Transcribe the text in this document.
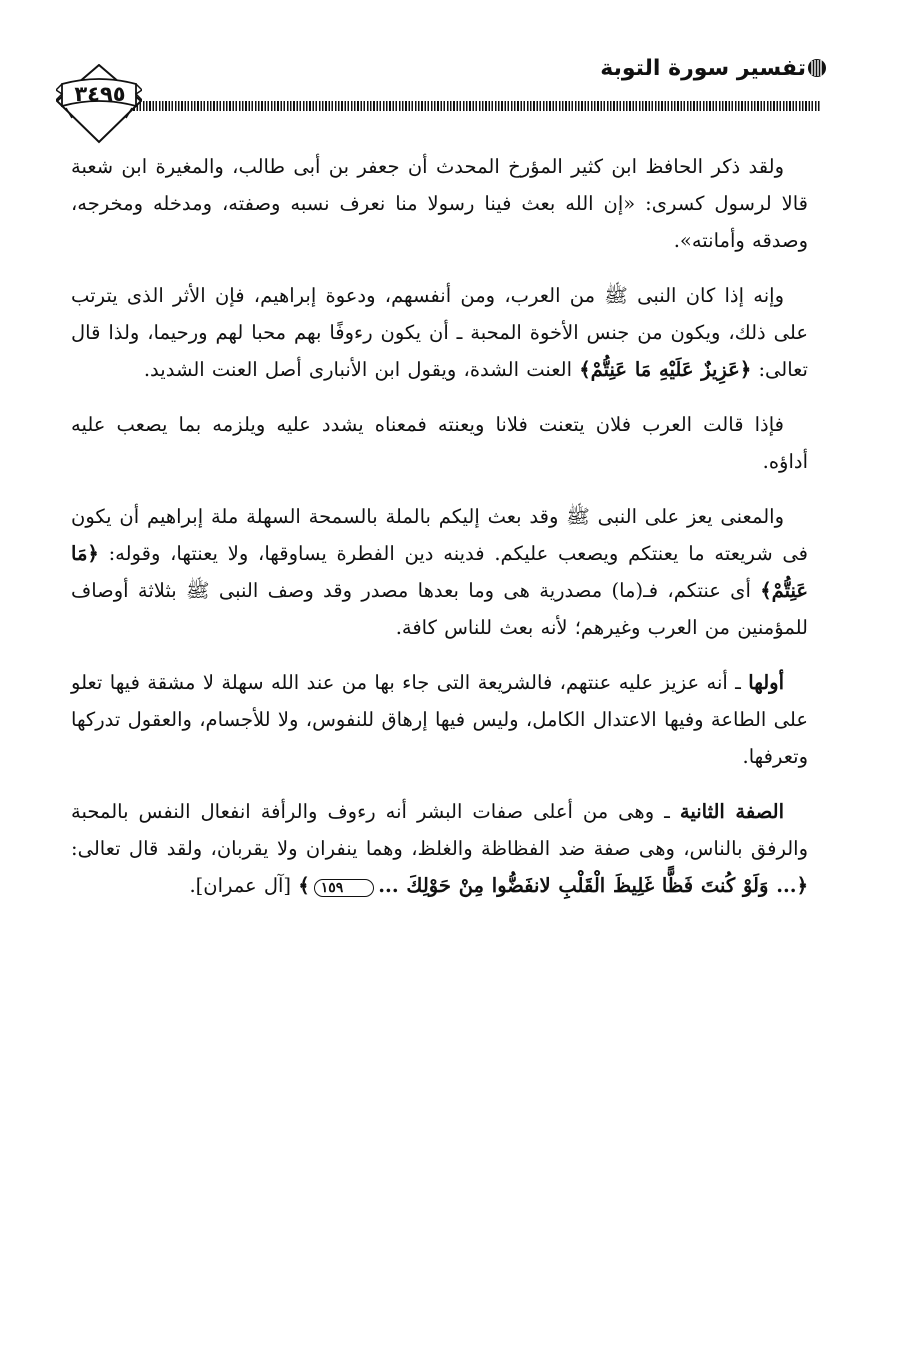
تفسير سورة التوبة
٣٤٩٥

ولقد ذكر الحافظ ابن كثير المؤرخ المحدث أن جعفر بن أبى طالب، والمغيرة ابن شعبة قالا لرسول كسرى: «إن الله بعث فينا رسولا منا نعرف نسبه وصفته، ومدخله ومخرجه، وصدقه وأمانته».

وإنه إذا كان النبى ﷺ من العرب، ومن أنفسهم، ودعوة إبراهيم، فإن الأثر الذى يترتب على ذلك، ويكون من جنس الأخوة المحبة ـ أن يكون رءوفًا بهم محبا لهم ورحيما، ولذا قال تعالى: ﴿عَزِيزٌ عَلَيْهِ مَا عَنِتُّمْ﴾ العنت الشدة، ويقول ابن الأنبارى أصل العنت الشديد.

فإذا قالت العرب فلان يتعنت فلانا ويعنته فمعناه يشدد عليه ويلزمه بما يصعب عليه أداؤه.

والمعنى يعز على النبى ﷺ وقد بعث إليكم بالملة بالسمحة السهلة ملة إبراهيم أن يكون فى شريعته ما يعنتكم ويصعب عليكم. فدينه دين الفطرة يساوقها، ولا يعنتها، وقوله: ﴿مَا عَنِتُّمْ﴾ أى عنتكم، فـ(ما) مصدرية هى وما بعدها مصدر وقد وصف النبى ﷺ بثلاثة أوصاف للمؤمنين من العرب وغيرهم؛ لأنه بعث للناس كافة.

أولها ـ أنه عزيز عليه عنتهم، فالشريعة التى جاء بها من عند الله سهلة لا مشقة فيها تعلو على الطاعة وفيها الاعتدال الكامل، وليس فيها إرهاق للنفوس، ولا للأجسام، والعقول تدركها وتعرفها.

الصفة الثانية ـ وهى من أعلى صفات البشر أنه رءوف والرأفة انفعال النفس بالمحبة والرفق بالناس، وهى صفة ضد الفظاظة والغلظ، وهما ينفران ولا يقربان، ولقد قال تعالى: ﴿... وَلَوْ كُنتَ فَظًّا غَلِيظَ الْقَلْبِ لانفَضُّوا مِنْ حَوْلِكَ ...١٥٩﴾ [آل عمران].
